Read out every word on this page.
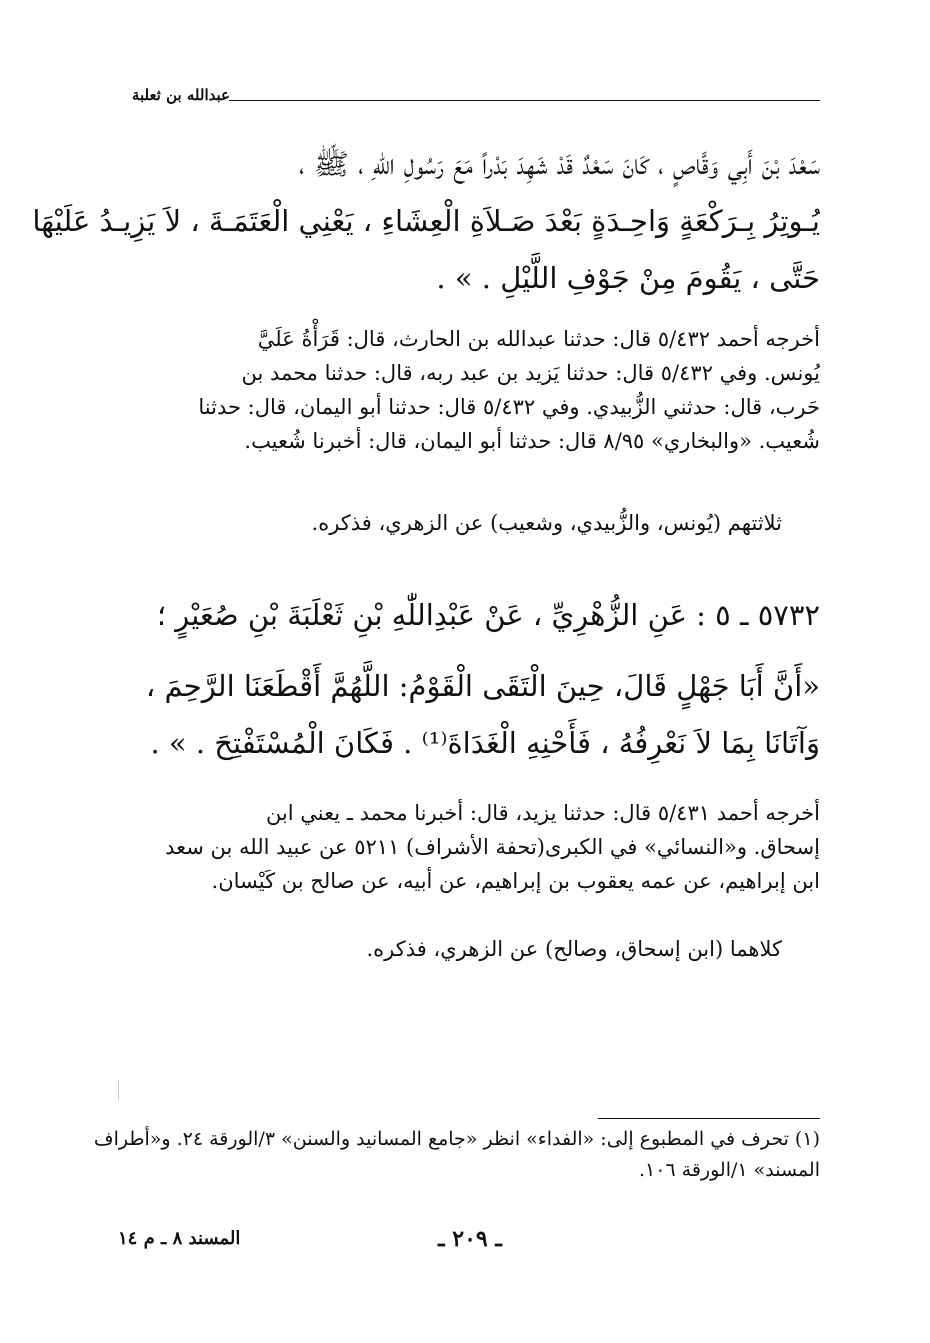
عبدالله بن ثعلبة
سَعْدَ بْنَ أَبِي وَقَّاصٍ ، كَانَ سَعْدٌ قَدْ شَهِدَ بَدْراً مَعَ رَسُولِ اللّٰهِ ، ﷺ ،
يُـوتِرُ بِـرَكْعَةٍ وَاحِـدَةٍ بَعْدَ صَـلاَةِ الْعِشَاءِ ، يَعْنِي الْعَتَمَـةَ ، لاَ يَزِيـدُ عَلَيْهَا
حَتَّى ، يَقُومَ مِنْ جَوْفِ اللَّيْلِ . » .
أخرجه أحمد ٥/٤٣٢ قال: حدثنا عبدالله بن الحارث، قال: قَرَأْةُ عَلَيَّ
يُونس. وفي ٥/٤٣٢ قال: حدثنا يَزيد بن عبد ربه، قال: حدثنا محمد بن
حَرب، قال: حدثني الزُّبيدي. وفي ٥/٤٣٢ قال: حدثنا أبو اليمان، قال: حدثنا
شُعيب. «والبخاري» ٨/٩٥ قال: حدثنا أبو اليمان، قال: أخبرنا شُعيب.
ثلاثتهم (يُونس، والزُّبيدي، وشعيب) عن الزهري، فذكره.
٥٧٣٢ ـ ٥ : عَنِ الزُّهْرِيِّ ، عَنْ عَبْدِاللّٰهِ بْنِ ثَعْلَبَةَ بْنِ صُعَيْرٍ ؛
«أَنَّ أَبَا جَهْلٍ قَالَ، حِينَ الْتَقَى الْقَوْمُ: اللَّهُمَّ أَقْطَعَنَا الرَّحِمَ ،
وَآتَانَا بِمَا لاَ نَعْرِفُهُ ، فَأَحْنِهِ الْغَدَاةَ⁽¹⁾ . فَكَانَ الْمُسْتَفْتِحَ . » .
أخرجه أحمد ٥/٤٣١ قال: حدثنا يزيد، قال: أخبرنا محمد ـ يعني ابن
إسحاق. و«النسائي» في الكبرى(تحفة الأشراف) ٥٢١١ عن عبيد الله بن سعد
ابن إبراهيم، عن عمه يعقوب بن إبراهيم، عن أبيه، عن صالح بن كَيْسان.
كلاهما (ابن إسحاق، وصالح) عن الزهري، فذكره.
(١) تحرف في المطبوع إلى: «الفداء» انظر «جامع المسانيد والسنن» ٣/الورقة ٢٤. و«أطراف
المسند» ١/الورقة ١٠٦.
ـ ٢٠٩ ـ
المسند ٨ ـ م ١٤
